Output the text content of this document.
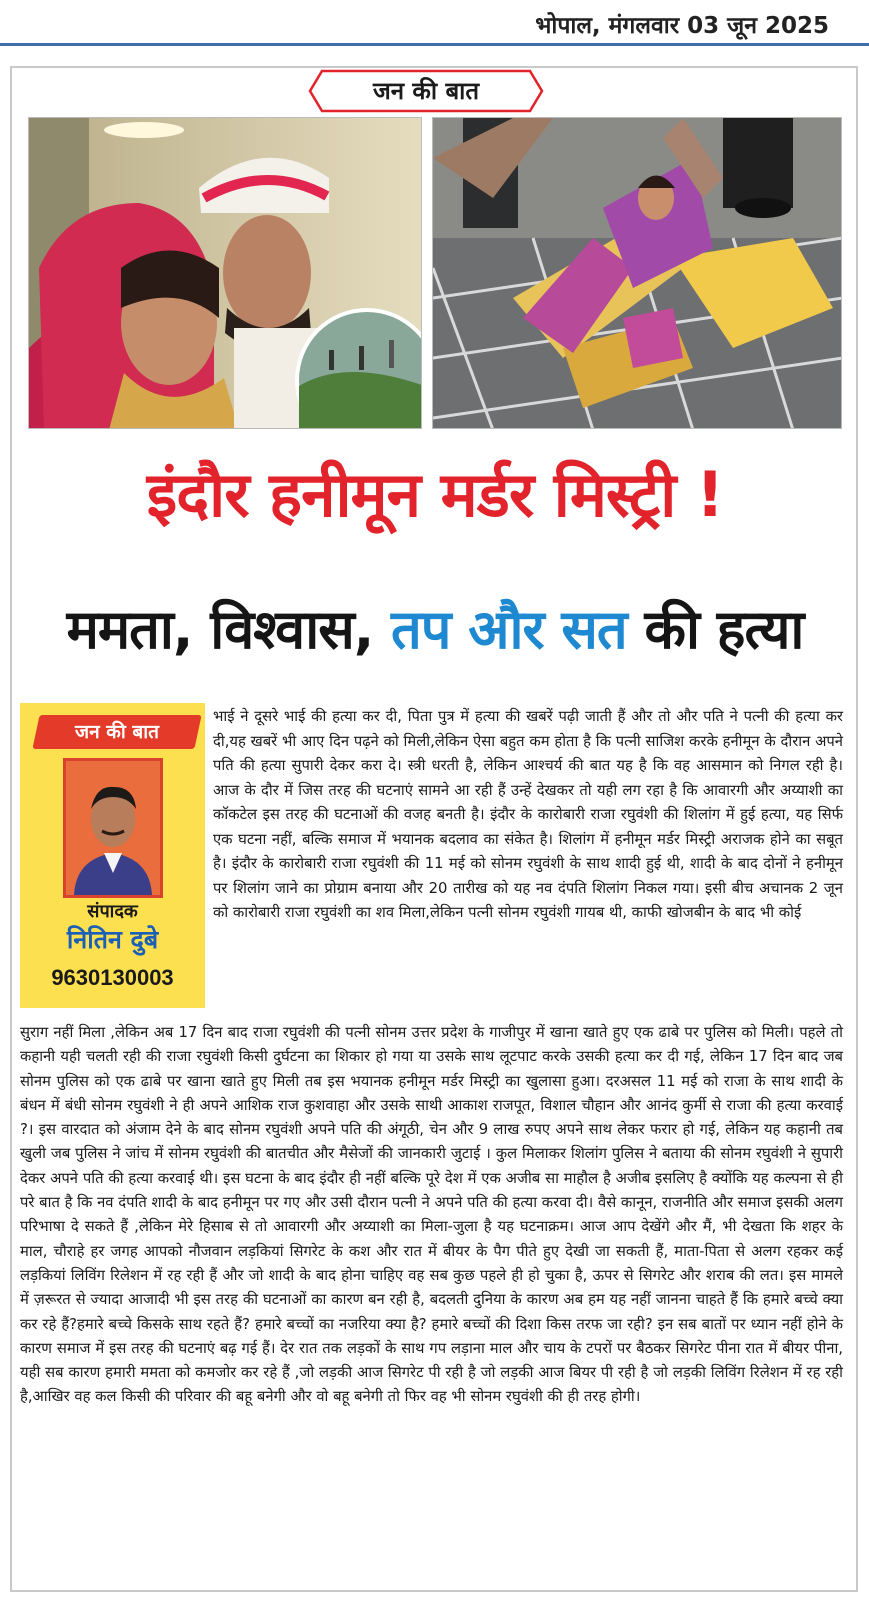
भोपाल, मंगलवार 03 जून 2025
जन की बात
इंदौर हनीमून मर्डर मिस्ट्री !
ममता, विश्वास, तप और सत की हत्या
जन की बात
संपादक
नितिन दुबे
9630130003
भाई ने दूसरे भाई की हत्या कर दी, पिता पुत्र में हत्या की खबरें पढ़ी जाती हैं और तो और पति ने पत्नी की हत्या कर दी,यह खबरें भी आए दिन पढ़ने को मिली,लेकिन ऐसा बहुत कम होता है कि पत्नी साजिश करके हनीमून के दौरान अपने पति की हत्या सुपारी देकर करा दे। स्त्री धरती है, लेकिन आश्चर्य की बात यह है कि वह आसमान को निगल रही है। आज के दौर में जिस तरह की घटनाएं सामने आ रही हैं उन्हें देखकर तो यही लग रहा है कि आवारगी और अय्याशी का कॉकटेल इस तरह की घटनाओं की वजह बनती है। इंदौर के कारोबारी राजा रघुवंशी की शिलांग में हुई हत्या, यह सिर्फ एक घटना नहीं, बल्कि समाज में भयानक बदलाव का संकेत है। शिलांग में हनीमून मर्डर मिस्ट्री अराजक होने का सबूत है। इंदौर के कारोबारी राजा रघुवंशी की 11 मई को सोनम रघुवंशी के साथ शादी हुई थी, शादी के बाद दोनों ने हनीमून पर शिलांग जाने का प्रोग्राम बनाया और 20 तारीख को यह नव दंपति शिलांग निकल गया। इसी बीच अचानक 2 जून को कारोबारी राजा रघुवंशी का शव मिला,लेकिन पत्नी सोनम रघुवंशी गायब थी, काफी खोजबीन के बाद भी कोई
सुराग नहीं मिला ,लेकिन अब 17 दिन बाद राजा रघुवंशी की पत्नी सोनम उत्तर प्रदेश के गाजीपुर में खाना खाते हुए एक ढाबे पर पुलिस को मिली। पहले तो कहानी यही चलती रही की राजा रघुवंशी किसी दुर्घटना का शिकार हो गया या उसके साथ लूटपाट करके उसकी हत्या कर दी गई, लेकिन 17 दिन बाद जब सोनम पुलिस को एक ढाबे पर खाना खाते हुए मिली तब इस भयानक हनीमून मर्डर मिस्ट्री का खुलासा हुआ। दरअसल 11 मई को राजा के साथ शादी के बंधन में बंधी सोनम रघुवंशी ने ही अपने आशिक राज कुशवाहा और उसके साथी आकाश राजपूत, विशाल चौहान और आनंद कुर्मी से राजा की हत्या करवाई ?। इस वारदात को अंजाम देने के बाद सोनम रघुवंशी अपने पति की अंगूठी, चेन और 9 लाख रुपए अपने साथ लेकर फरार हो गई, लेकिन यह कहानी तब खुली जब पुलिस ने जांच में सोनम रघुवंशी की बातचीत और मैसेजों की जानकारी जुटाई । कुल मिलाकर शिलांग पुलिस ने बताया की सोनम रघुवंशी ने सुपारी देकर अपने पति की हत्या करवाई थी। इस घटना के बाद इंदौर ही नहीं बल्कि पूरे देश में एक अजीब सा माहौल है अजीब इसलिए है क्योंकि यह कल्पना से ही परे बात है कि नव दंपति शादी के बाद हनीमून पर गए और उसी दौरान पत्नी ने अपने पति की हत्या करवा दी। वैसे कानून, राजनीति और समाज इसकी अलग परिभाषा दे सकते हैं ,लेकिन मेरे हिसाब से तो आवारगी और अय्याशी का मिला-जुला है यह घटनाक्रम। आज आप देखेंगे और मैं, भी देखता कि शहर के माल, चौराहे हर जगह आपको नौजवान लड़कियां सिगरेट के कश और रात में बीयर के पैग पीते हुए देखी जा सकती हैं, माता-पिता से अलग रहकर कई लड़कियां लिविंग रिलेशन में रह रही हैं और जो शादी के बाद होना चाहिए वह सब कुछ पहले ही हो चुका है, ऊपर से सिगरेट और शराब की लत। इस मामले में ज़रूरत से ज्यादा आजादी भी इस तरह की घटनाओं का कारण बन रही है, बदलती दुनिया के कारण अब हम यह नहीं जानना चाहते हैं कि हमारे बच्चे क्या कर रहे हैं?हमारे बच्चे किसके साथ रहते हैं? हमारे बच्चों का नजरिया क्या है? हमारे बच्चों की दिशा किस तरफ जा रही? इन सब बातों पर ध्यान नहीं होने के कारण समाज में इस तरह की घटनाएं बढ़ गई हैं। देर रात तक लड़कों के साथ गप लड़ाना माल और चाय के टपरों पर बैठकर सिगरेट पीना रात में बीयर पीना, यही सब कारण हमारी ममता को कमजोर कर रहे हैं ,जो लड़की आज सिगरेट पी रही है जो लड़की आज बियर पी रही है जो लड़की लिविंग रिलेशन में रह रही है,आखिर वह कल किसी की परिवार की बहू बनेगी और वो बहू बनेगी तो फिर वह भी सोनम रघुवंशी की ही तरह होगी।
